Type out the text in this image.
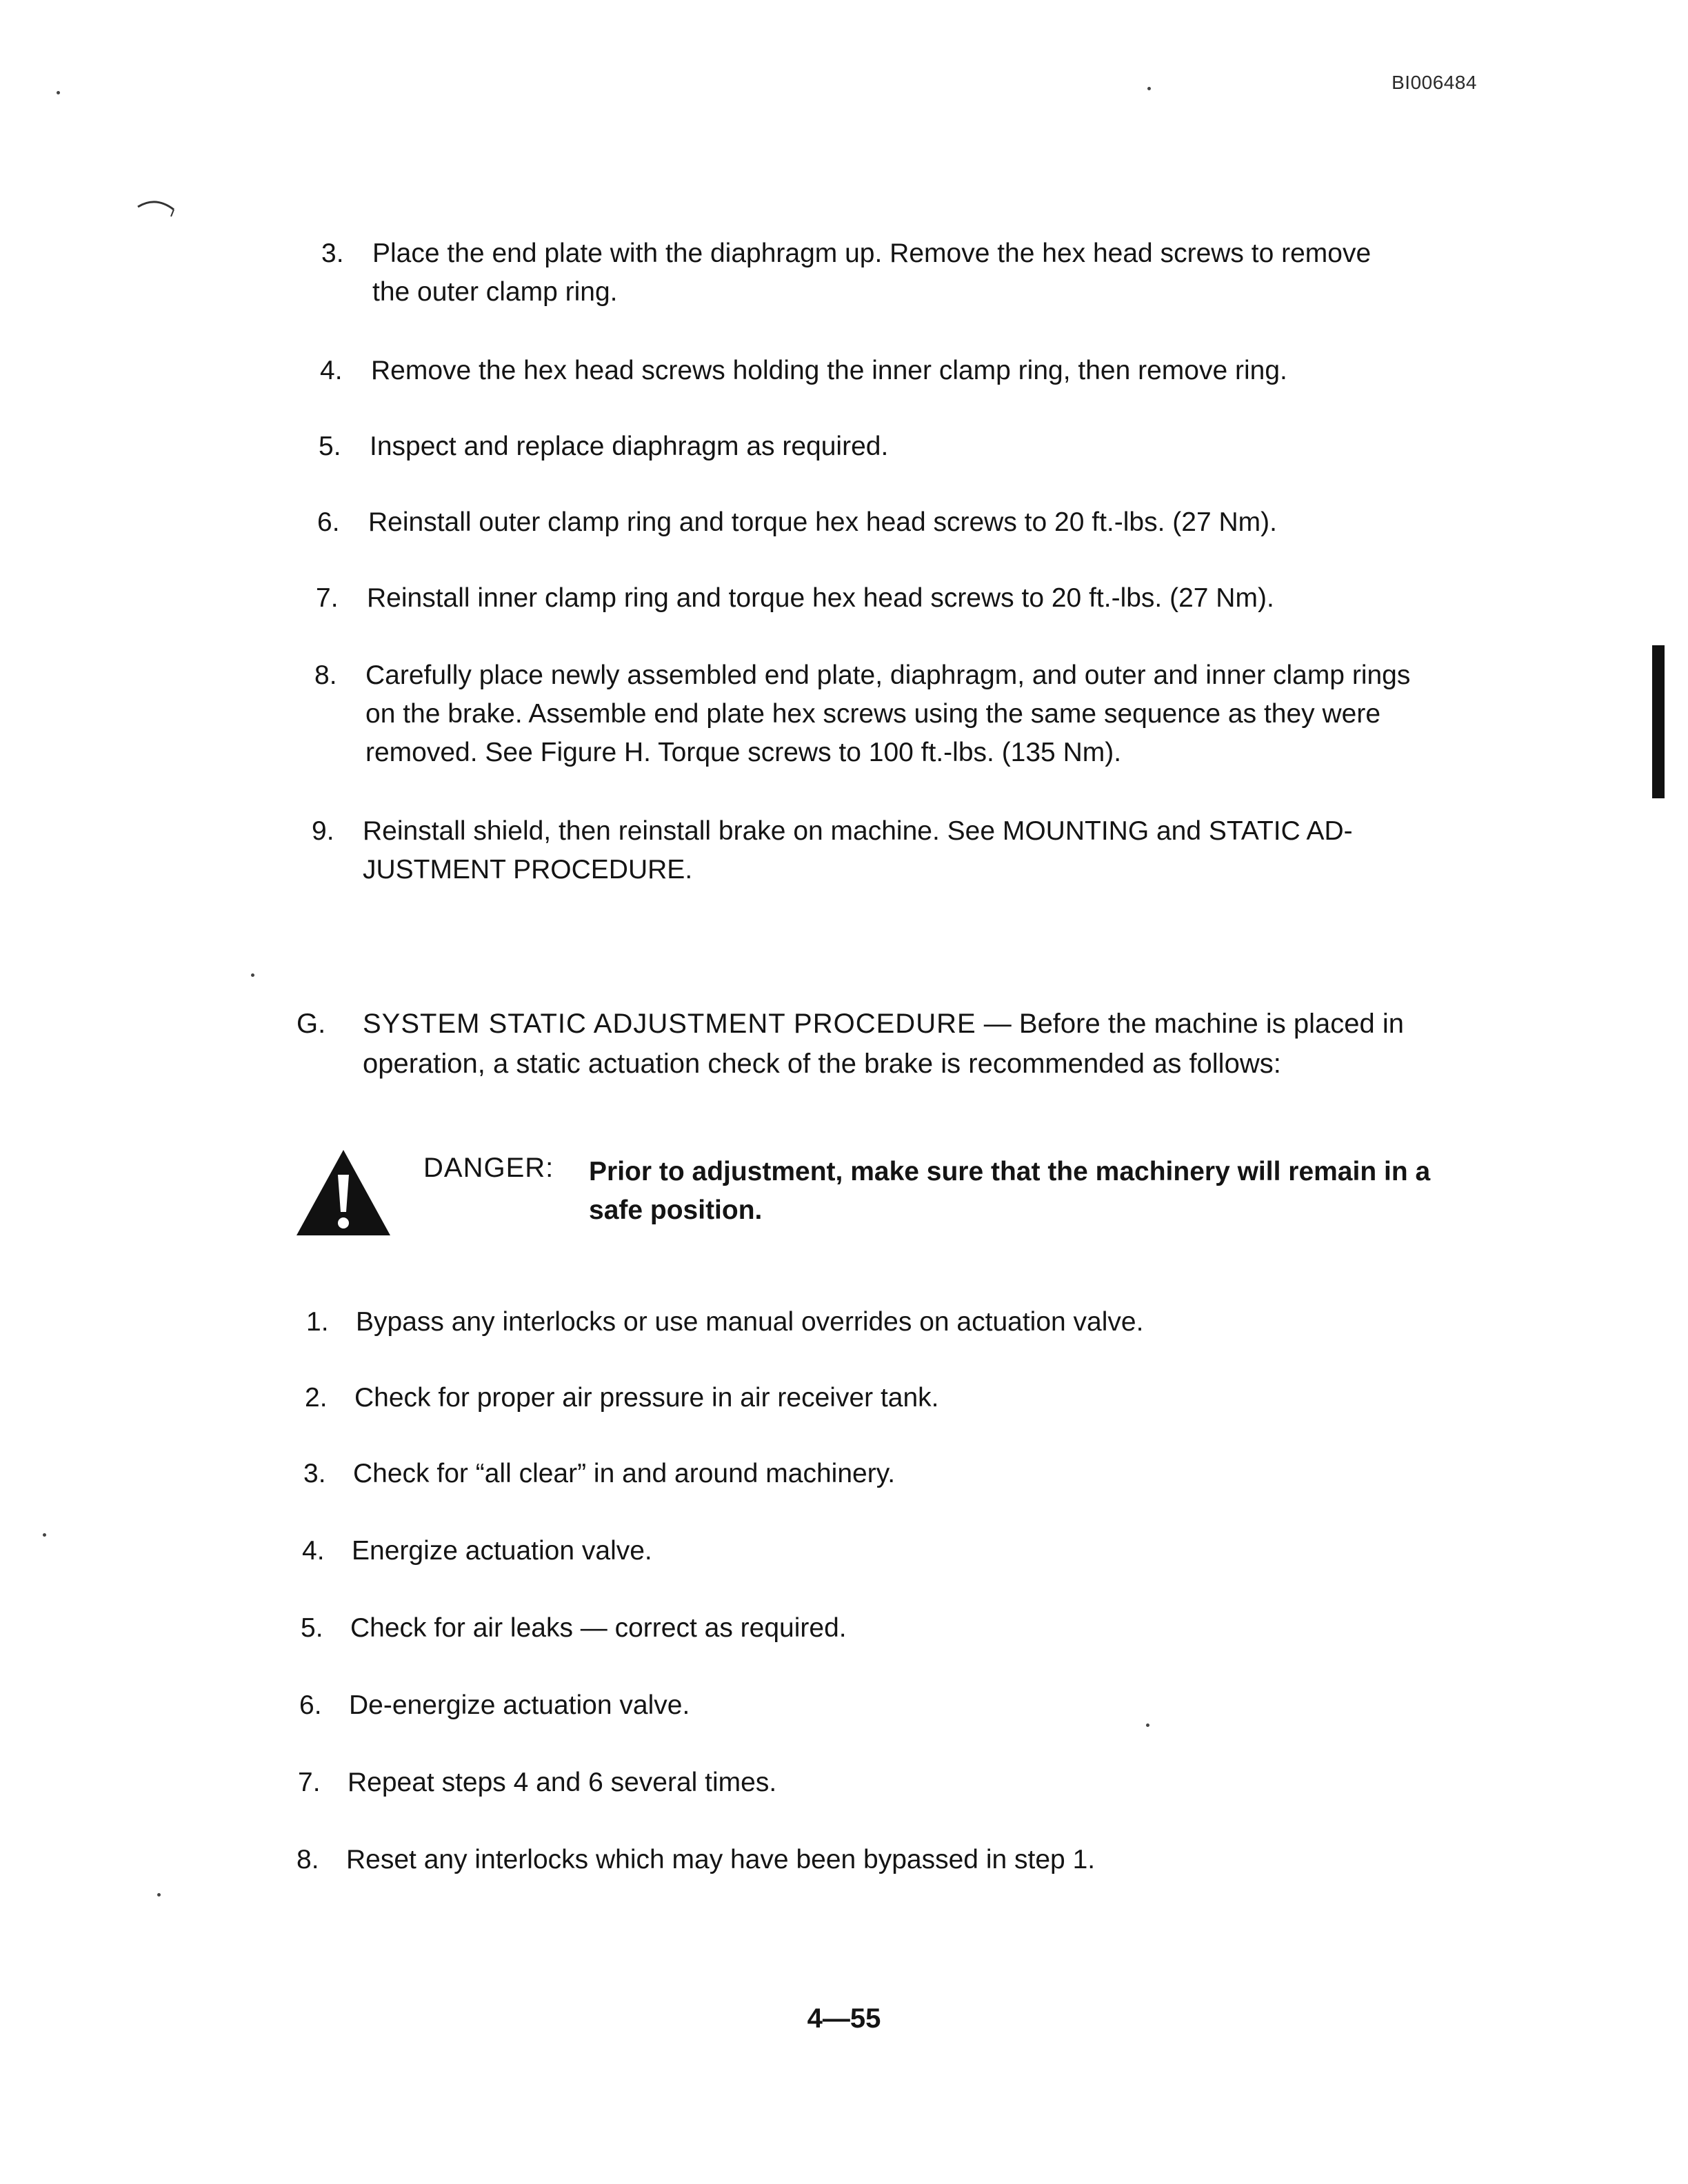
BI006484
3. Place the end plate with the diaphragm up. Remove the hex head screws to remove
the outer clamp ring.
4. Remove the hex head screws holding the inner clamp ring, then remove ring.
5. Inspect and replace diaphragm as required.
6. Reinstall outer clamp ring and torque hex head screws to 20 ft.-lbs. (27 Nm).
7. Reinstall inner clamp ring and torque hex head screws to 20 ft.-lbs. (27 Nm).
8. Carefully place newly assembled end plate, diaphragm, and outer and inner clamp rings
on the brake. Assemble end plate hex screws using the same sequence as they were
removed. See Figure H. Torque screws to 100 ft.-lbs. (135 Nm).
9. Reinstall shield, then reinstall brake on machine. See MOUNTING and STATIC AD-
JUSTMENT PROCEDURE.
G. SYSTEM STATIC ADJUSTMENT PROCEDURE — Before the machine is placed in
operation, a static actuation check of the brake is recommended as follows:
DANGER: Prior to adjustment, make sure that the machinery will remain in a
safe position.
1. Bypass any interlocks or use manual overrides on actuation valve.
2. Check for proper air pressure in air receiver tank.
3. Check for “all clear” in and around machinery.
4. Energize actuation valve.
5. Check for air leaks — correct as required.
6. De-energize actuation valve.
7. Repeat steps 4 and 6 several times.
8. Reset any interlocks which may have been bypassed in step 1.
4—55
